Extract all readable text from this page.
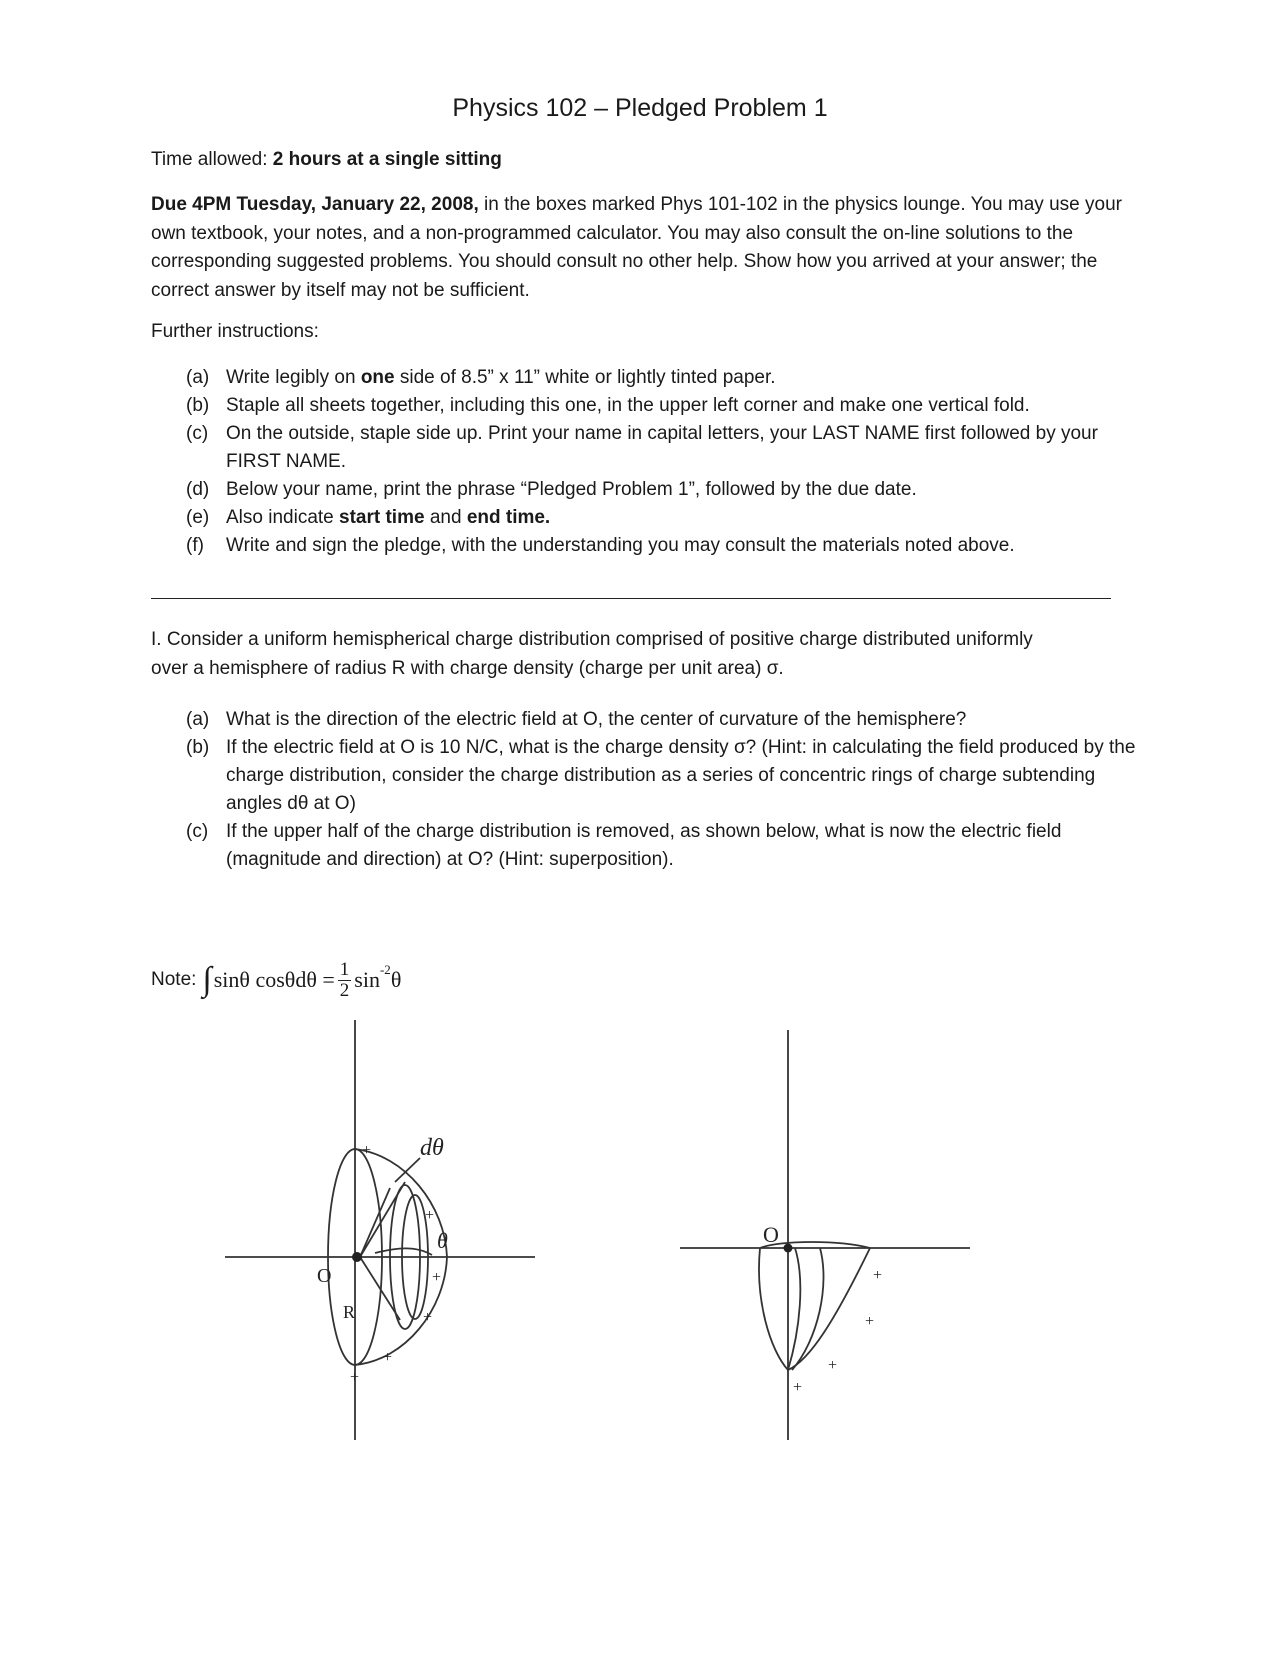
Physics 102 – Pledged Problem 1
Time allowed: 2 hours at a single sitting
Due 4PM Tuesday, January 22, 2008, in the boxes marked Phys 101-102 in the physics lounge. You may use your own textbook, your notes, and a non-programmed calculator. You may also consult the on-line solutions to the corresponding suggested problems. You should consult no other help. Show how you arrived at your answer; the correct answer by itself may not be sufficient.
Further instructions:
(a) Write legibly on one side of 8.5” x 11” white or lightly tinted paper.
(b) Staple all sheets together, including this one, in the upper left corner and make one vertical fold.
(c) On the outside, staple side up. Print your name in capital letters, your LAST NAME first followed by your FIRST NAME.
(d) Below your name, print the phrase “Pledged Problem 1”, followed by the due date.
(e) Also indicate start time and end time.
(f) Write and sign the pledge, with the understanding you may consult the materials noted above.
I. Consider a uniform hemispherical charge distribution comprised of positive charge distributed uniformly over a hemisphere of radius R with charge density (charge per unit area) σ.
(a) What is the direction of the electric field at O, the center of curvature of the hemisphere?
(b) If the electric field at O is 10 N/C, what is the charge density σ? (Hint: in calculating the field produced by the charge distribution, consider the charge distribution as a series of concentric rings of charge subtending angles dθ at O)
(c) If the upper half of the charge distribution is removed, as shown below, what is now the electric field (magnitude and direction) at O? (Hint: superposition).
Note: ∫ sinθ $\cos\theta d\theta = \frac{1}{2}$ sin -2 θ
O
R
dθ
θ
+
+
+
+
+
+
O
+
+
+
+
